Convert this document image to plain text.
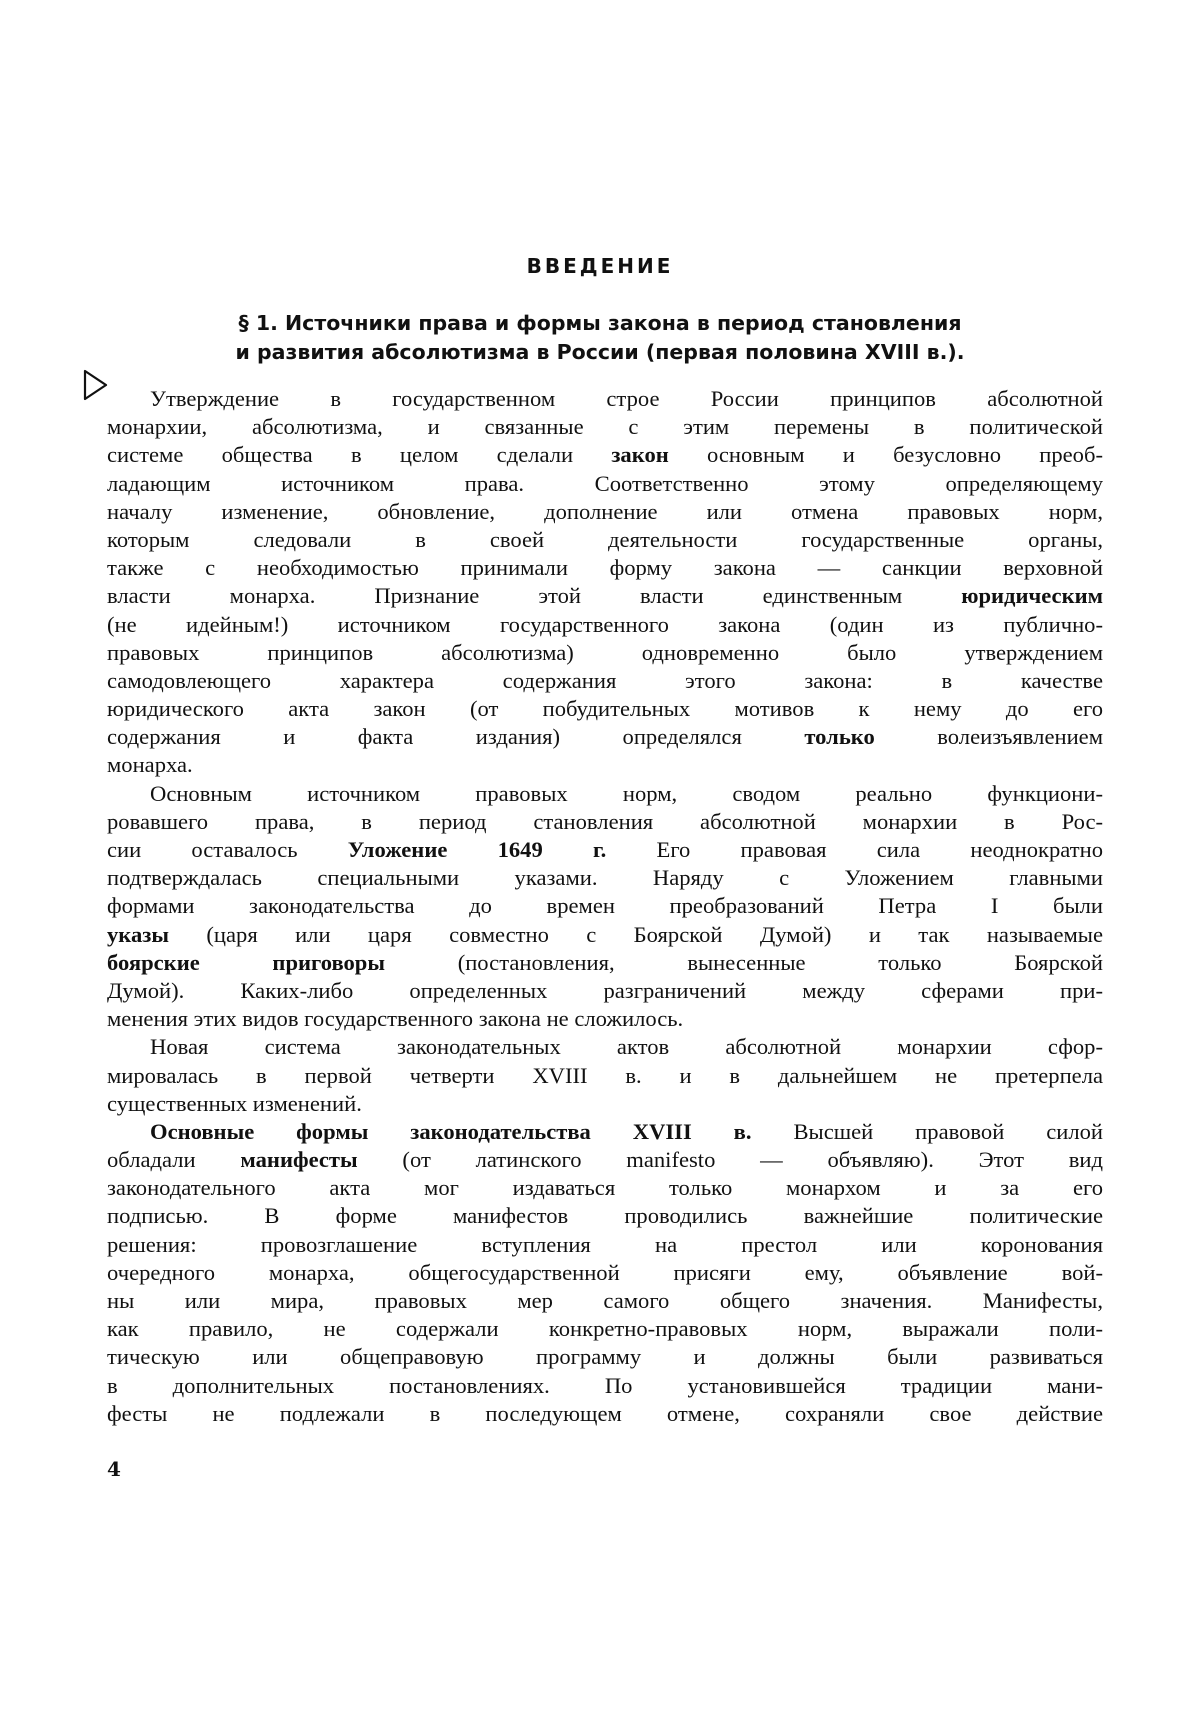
ВВЕДЕНИЕ
§ 1. Источники права и формы закона в период становления
и развития абсолютизма в России (первая половина XVIII в.).
Утверждение в государственном строе России принципов абсолютной
монархии, абсолютизма, и связанные с этим перемены в политической
системе общества в целом сделали закон основным и безусловно преоб-
ладающим источником права. Соответственно этому определяющему
началу изменение, обновление, дополнение или отмена правовых норм,
которым следовали в своей деятельности государственные органы,
также с необходимостью принимали форму закона — санкции верховной
власти монарха. Признание этой власти единственным юридическим
(не идейным!) источником государственного закона (один из публично-
правовых принципов абсолютизма) одновременно было утверждением
самодовлеющего характера содержания этого закона: в качестве
юридического акта закон (от побудительных мотивов к нему до его
содержания и факта издания) определялся только волеизъявлением
монарха.
Основным источником правовых норм, сводом реально функциони-
ровавшего права, в период становления абсолютной монархии в Рос-
сии оставалось Уложение 1649 г. Его правовая сила неоднократно
подтверждалась специальными указами. Наряду с Уложением главными
формами законодательства до времен преобразований Петра I были
указы (царя или царя совместно с Боярской Думой) и так называемые
боярские приговоры (постановления, вынесенные только Боярской
Думой). Каких-либо определенных разграничений между сферами при-
менения этих видов государственного закона не сложилось.
Новая система законодательных актов абсолютной монархии сфор-
мировалась в первой четверти XVIII в. и в дальнейшем не претерпела
существенных изменений.
Основные формы законодательства XVIII в. Высшей правовой силой
обладали манифесты (от латинского manifesto — объявляю). Этот вид
законодательного акта мог издаваться только монархом и за его
подписью. В форме манифестов проводились важнейшие политические
решения: провозглашение вступления на престол или коронования
очередного монарха, общегосударственной присяги ему, объявление вой-
ны или мира, правовых мер самого общего значения. Манифесты,
как правило, не содержали конкретно-правовых норм, выражали поли-
тическую или общеправовую программу и должны были развиваться
в дополнительных постановлениях. По установившейся традиции мани-
фесты не подлежали в последующем отмене, сохраняли свое действие
4
